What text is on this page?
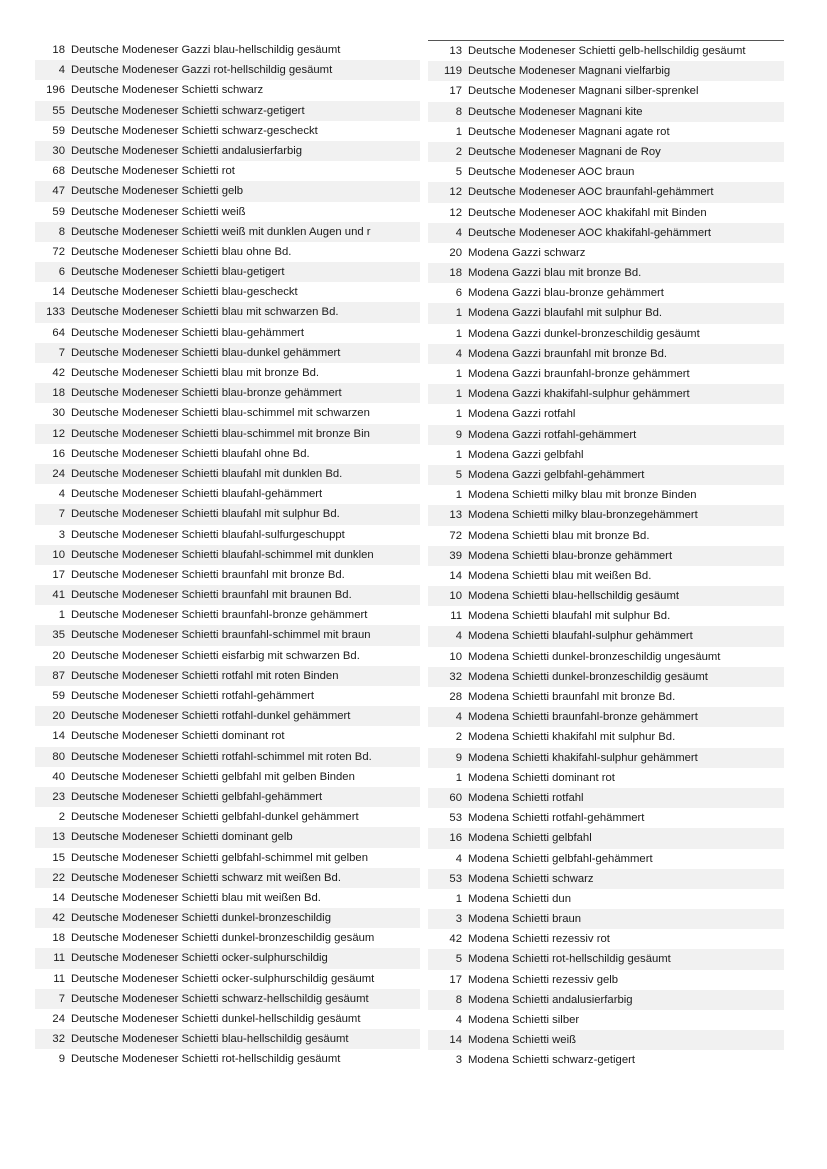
18 Deutsche Modeneser Gazzi blau-hellschildig gesäumt
4 Deutsche Modeneser Gazzi rot-hellschildig gesäumt
196 Deutsche Modeneser Schietti schwarz
55 Deutsche Modeneser Schietti schwarz-getigert
59 Deutsche Modeneser Schietti schwarz-gescheckt
30 Deutsche Modeneser Schietti andalusierfarbig
68 Deutsche Modeneser Schietti rot
47 Deutsche Modeneser Schietti gelb
59 Deutsche Modeneser Schietti weiß
8 Deutsche Modeneser Schietti weiß mit dunklen Augen und r
72 Deutsche Modeneser Schietti blau ohne Bd.
6 Deutsche Modeneser Schietti blau-getigert
14 Deutsche Modeneser Schietti blau-gescheckt
133 Deutsche Modeneser Schietti blau mit schwarzen Bd.
64 Deutsche Modeneser Schietti blau-gehämmert
7 Deutsche Modeneser Schietti blau-dunkel gehämmert
42 Deutsche Modeneser Schietti blau mit bronze Bd.
18 Deutsche Modeneser Schietti blau-bronze gehämmert
30 Deutsche Modeneser Schietti blau-schimmel mit schwarzen
12 Deutsche Modeneser Schietti blau-schimmel mit bronze Bin
16 Deutsche Modeneser Schietti blaufahl ohne Bd.
24 Deutsche Modeneser Schietti blaufahl mit dunklen Bd.
4 Deutsche Modeneser Schietti blaufahl-gehämmert
7 Deutsche Modeneser Schietti blaufahl mit sulphur Bd.
3 Deutsche Modeneser Schietti blaufahl-sulfurgeschuppt
10 Deutsche Modeneser Schietti blaufahl-schimmel mit dunklen
17 Deutsche Modeneser Schietti braunfahl mit bronze Bd.
41 Deutsche Modeneser Schietti braunfahl mit braunen Bd.
1 Deutsche Modeneser Schietti braunfahl-bronze gehämmert
35 Deutsche Modeneser Schietti braunfahl-schimmel mit braun
20 Deutsche Modeneser Schietti eisfarbig mit schwarzen Bd.
87 Deutsche Modeneser Schietti rotfahl mit roten Binden
59 Deutsche Modeneser Schietti rotfahl-gehämmert
20 Deutsche Modeneser Schietti rotfahl-dunkel gehämmert
14 Deutsche Modeneser Schietti dominant rot
80 Deutsche Modeneser Schietti rotfahl-schimmel mit roten Bd.
40 Deutsche Modeneser Schietti gelbfahl mit gelben Binden
23 Deutsche Modeneser Schietti gelbfahl-gehämmert
2 Deutsche Modeneser Schietti gelbfahl-dunkel gehämmert
13 Deutsche Modeneser Schietti dominant gelb
15 Deutsche Modeneser Schietti gelbfahl-schimmel mit gelben
22 Deutsche Modeneser Schietti schwarz mit weißen Bd.
14 Deutsche Modeneser Schietti blau mit weißen Bd.
42 Deutsche Modeneser Schietti dunkel-bronzeschildig
18 Deutsche Modeneser Schietti dunkel-bronzeschildig gesäum
11 Deutsche Modeneser Schietti ocker-sulphurschildig
11 Deutsche Modeneser Schietti ocker-sulphurschildig gesäumt
7 Deutsche Modeneser Schietti schwarz-hellschildig gesäumt
24 Deutsche Modeneser Schietti dunkel-hellschildig gesäumt
32 Deutsche Modeneser Schietti blau-hellschildig gesäumt
9 Deutsche Modeneser Schietti rot-hellschildig gesäumt
13 Deutsche Modeneser Schietti gelb-hellschildig gesäumt
119 Deutsche Modeneser Magnani vielfarbig
17 Deutsche Modeneser Magnani silber-sprenkel
8 Deutsche Modeneser Magnani kite
1 Deutsche Modeneser Magnani agate rot
2 Deutsche Modeneser Magnani de Roy
5 Deutsche Modeneser AOC braun
12 Deutsche Modeneser AOC braunfahl-gehämmert
12 Deutsche Modeneser AOC khakifahl mit Binden
4 Deutsche Modeneser AOC khakifahl-gehämmert
20 Modena Gazzi schwarz
18 Modena Gazzi blau mit bronze Bd.
6 Modena Gazzi blau-bronze gehämmert
1 Modena Gazzi blaufahl mit sulphur Bd.
1 Modena Gazzi dunkel-bronzeschildig gesäumt
4 Modena Gazzi braunfahl mit bronze Bd.
1 Modena Gazzi braunfahl-bronze gehämmert
1 Modena Gazzi khakifahl-sulphur gehämmert
1 Modena Gazzi rotfahl
9 Modena Gazzi rotfahl-gehämmert
1 Modena Gazzi gelbfahl
5 Modena Gazzi gelbfahl-gehämmert
1 Modena Schietti milky blau mit bronze Binden
13 Modena Schietti milky blau-bronzegehämmert
72 Modena Schietti blau mit bronze Bd.
39 Modena Schietti blau-bronze gehämmert
14 Modena Schietti blau mit weißen Bd.
10 Modena Schietti blau-hellschildig gesäumt
11 Modena Schietti blaufahl mit sulphur Bd.
4 Modena Schietti blaufahl-sulphur gehämmert
10 Modena Schietti dunkel-bronzeschildig ungesäumt
32 Modena Schietti dunkel-bronzeschildig gesäumt
28 Modena Schietti braunfahl mit bronze Bd.
4 Modena Schietti braunfahl-bronze gehämmert
2 Modena Schietti khakifahl mit sulphur Bd.
9 Modena Schietti khakifahl-sulphur gehämmert
1 Modena Schietti dominant rot
60 Modena Schietti rotfahl
53 Modena Schietti rotfahl-gehämmert
16 Modena Schietti gelbfahl
4 Modena Schietti gelbfahl-gehämmert
53 Modena Schietti schwarz
1 Modena Schietti dun
3 Modena Schietti braun
42 Modena Schietti rezessiv rot
5 Modena Schietti rot-hellschildig gesäumt
17 Modena Schietti rezessiv gelb
8 Modena Schietti andalusierfarbig
4 Modena Schietti silber
14 Modena Schietti weiß
3 Modena Schietti schwarz-getigert
